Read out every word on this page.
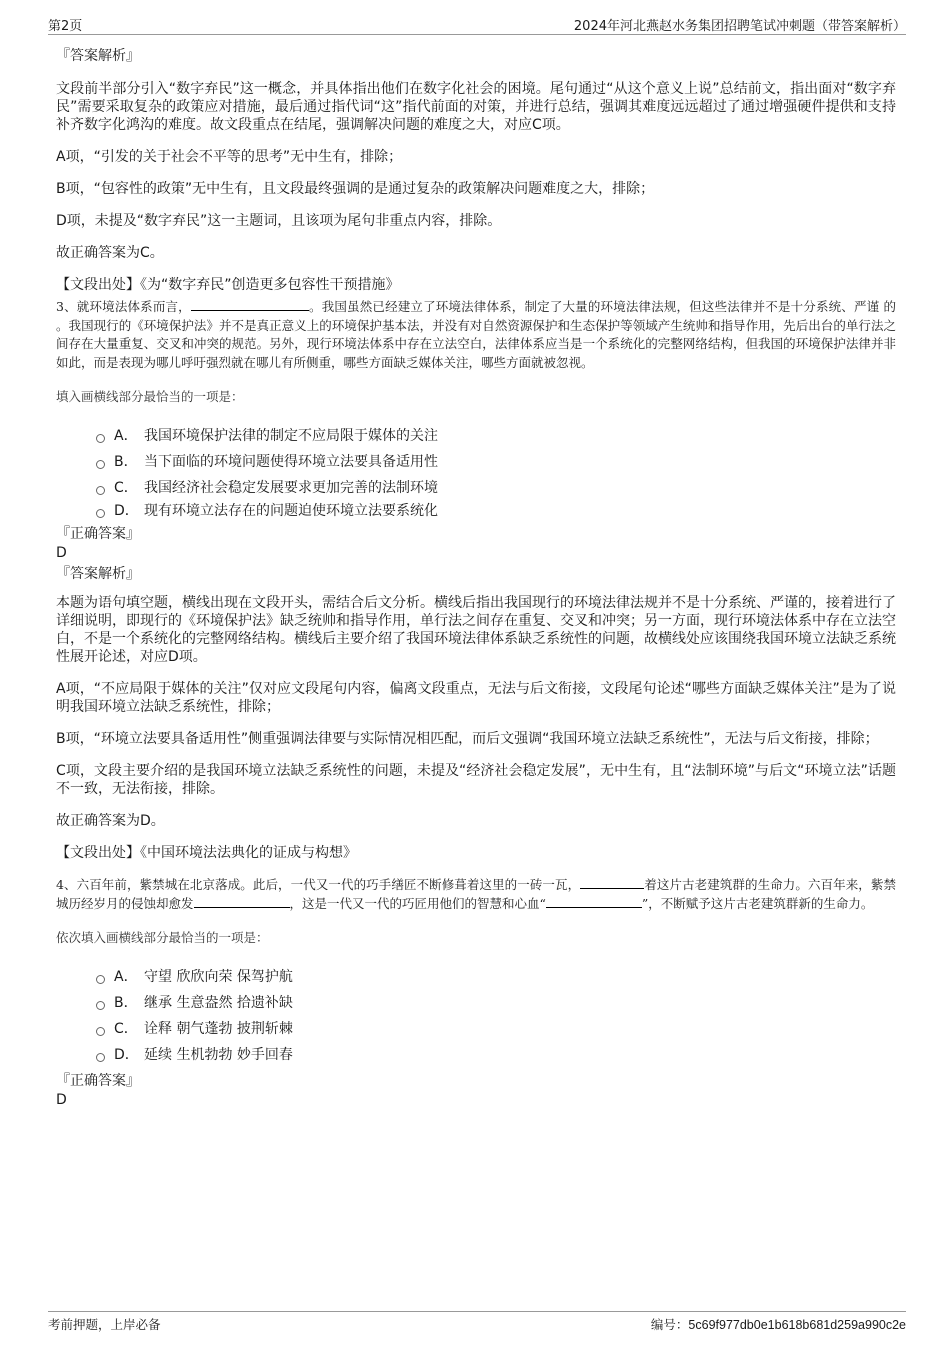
第2页	2024年河北燕赵水务集团招聘笔试冲刺题（带答案解析）

『答案解析』

文段前半部分引入“数字弃民”这一概念，并具体指出他们在数字化社会的困境。尾句通过“从这个意义上说”总结前文，指出面对“数字弃民”需要采取复杂的政策应对措施，最后通过指代词“这”指代前面的对策，并进行总结，强调其难度远远超过了通过增强硬件提供和支持补齐数字化鸿沟的难度。故文段重点在结尾，强调解决问题的难度之大，对应C项。

A项，“引发的关于社会不平等的思考”无中生有，排除；

B项，“包容性的政策”无中生有，且文段最终强调的是通过复杂的政策解决问题难度之大，排除；

D项，未提及“数字弃民”这一主题词，且该项为尾句非重点内容，排除。

故正确答案为C。

【文段出处】《为“数字弃民”创造更多包容性干预措施》

3、就环境法体系而言，	。我国虽然已经建立了环境法律体系，制定了大量的环境法律法规，但这些法律并不是十分系统、严谨 的 。我国现行的《环境保护法》并不是真正意义上的环境保护基本法，并没有对自然资源保护和生态保护等领域产生统帅和指导作用，先后出台的单行法之间存在大量重复、交叉和冲突的规范。另外，现行环境法体系中存在立法空白，法律体系应当是一个系统化的完整网络结构，但我国的环境保护法律并非如此，而是表现为哪儿呼吁强烈就在哪儿有所侧重，哪些方面缺乏媒体关注，哪些方面就被忽视。

填入画横线部分最恰当的一项是：

A． 我国环境保护法律的制定不应局限于媒体的关注
B． 当下面临的环境问题使得环境立法要具备适用性
C． 我国经济社会稳定发展要求更加完善的法制环境
D． 现有环境立法存在的问题迫使环境立法要系统化

『正确答案』

D

『答案解析』

本题为语句填空题，横线出现在文段开头，需结合后文分析。横线后指出我国现行的环境法律法规并不是十分系统、严谨的，接着进行了详细说明，即现行的《环境保护法》缺乏统帅和指导作用，单行法之间存在重复、交叉和冲突；另一方面，现行环境法体系中存在立法空白，不是一个系统化的完整网络结构。横线后主要介绍了我国环境法律体系缺乏系统性的问题，故横线处应该围绕我国环境立法缺乏系统性展开论述，对应D项。

A项，“不应局限于媒体的关注”仅对应文段尾句内容，偏离文段重点，无法与后文衔接，文段尾句论述“哪些方面缺乏媒体关注”是为了说明我国环境立法缺乏系统性，排除；

B项，“环境立法要具备适用性”侧重强调法律要与实际情况相匹配，而后文强调“我国环境立法缺乏系统性”，无法与后文衔接，排除；

C项，文段主要介绍的是我国环境立法缺乏系统性的问题，未提及“经济社会稳定发展”，无中生有，且“法制环境”与后文“环境立法”话题不一致，无法衔接，排除。

故正确答案为D。

【文段出处】《中国环境法法典化的证成与构想》

4、六百年前，紫禁城在北京落成。此后，一代又一代的巧手缮匠不断修葺着这里的一砖一瓦，	着这片古老建筑群的生命力。六百年来，紫禁城历经岁月的侵蚀却愈发	，这是一代又一代的巧匠用他们的智慧和心血“	”，不断赋予这片古老建筑群新的生命力。

依次填入画横线部分最恰当的一项是：

A． 守望 欣欣向荣 保驾护航
B． 继承 生意盎然 拾遗补缺
C． 诠释 朝气蓬勃 披荆斩棘
D． 延续 生机勃勃 妙手回春

『正确答案』

D

考前押题，上岸必备	编号：5c69f977db0e1b618b681d259a990c2e
